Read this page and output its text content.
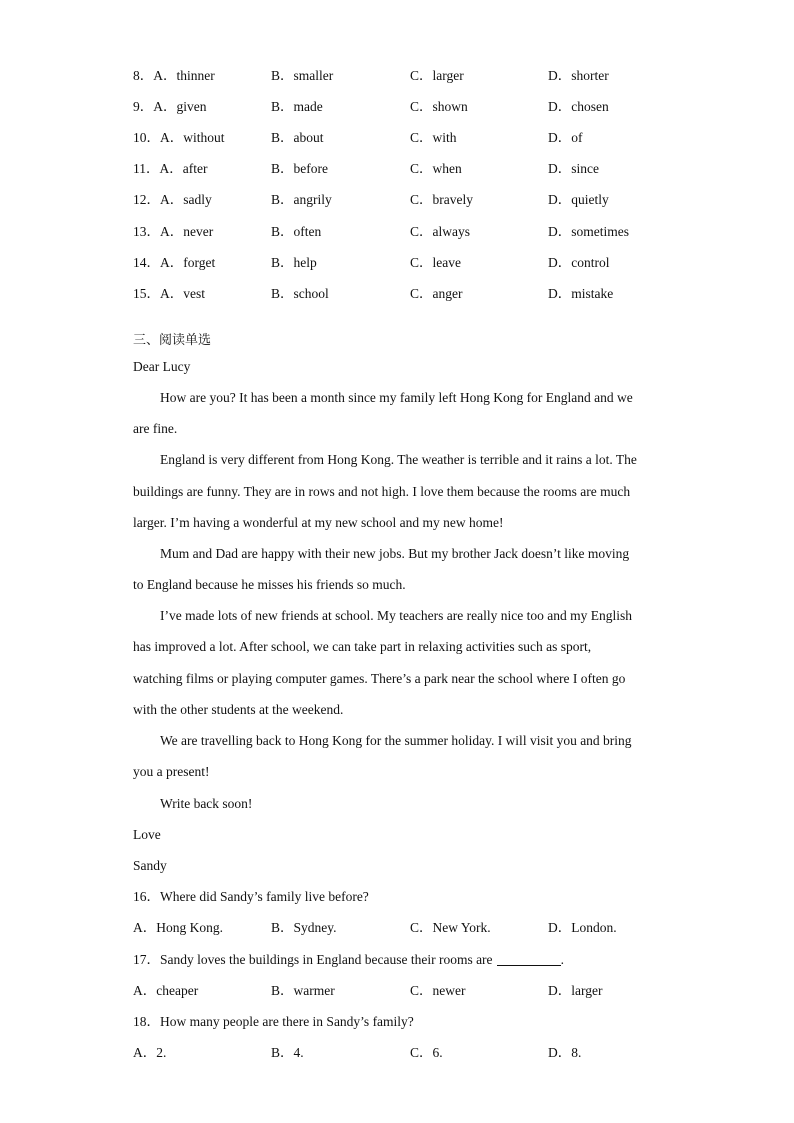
8．A．thinner	B．smaller	C．larger	D．shorter
9．A．given	B．made	C．shown	D．chosen
10．A．without	B．about	C．with	D．of
11．A．after	B．before	C．when	D．since
12．A．sadly	B．angrily	C．bravely	D．quietly
13．A．never	B．often	C．always	D．sometimes
14．A．forget	B．help	C．leave	D．control
15．A．vest	B．school	C．anger	D．mistake
三、阅读单选
Dear Lucy
How are you? It has been a month since my family left Hong Kong for England and we
are fine.
England is very different from Hong Kong. The weather is terrible and it rains a lot. The
buildings are funny. They are in rows and not high. I love them because the rooms are much
larger. I’m having a wonderful at my new school and my new home!
Mum and Dad are happy with their new jobs. But my brother Jack doesn’t like moving
to England because he misses his friends so much.
I’ve made lots of new friends at school. My teachers are really nice too and my English
has improved a lot. After school, we can take part in relaxing activities such as sport,
watching films or playing computer games. There’s a park near the school where I often go
with the other students at the weekend.
We are travelling back to Hong Kong for the summer holiday. I will visit you and bring
you a present!
Write back soon!
Love
Sandy
16．Where did Sandy’s family live before?
A．Hong Kong.	B．Sydney.	C．New York.	D．London.
17．Sandy loves the buildings in England because their rooms are	.
A．cheaper	B．warmer	C．newer	D．larger
18．How many people are there in Sandy’s family?
A．2.	B．4.	C．6.	D．8.
